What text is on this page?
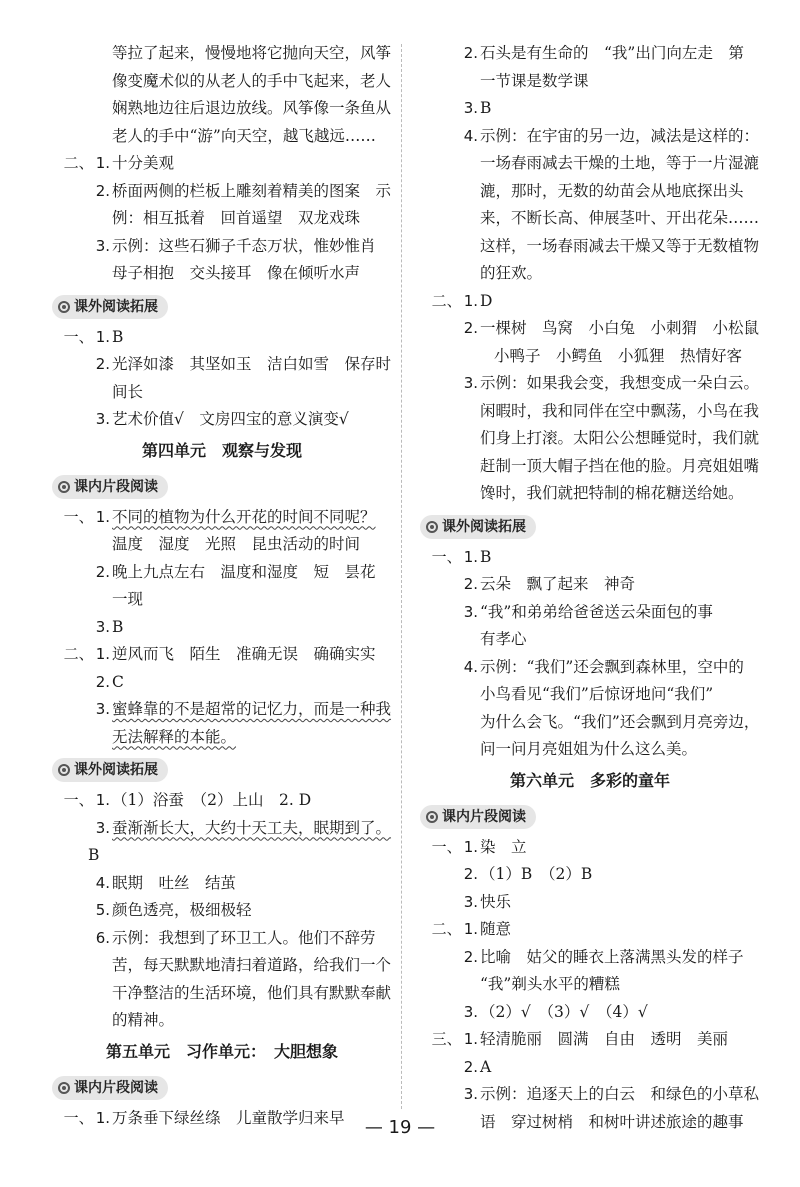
等拉了起来，慢慢地将它抛向天空，风筝
像变魔术似的从老人的手中飞起来，老人
娴熟地边往后退边放线。风筝像一条鱼从
老人的手中“游”向天空，越飞越远……
二、 1. 十分美观
2. 桥面两侧的栏板上雕刻着精美的图案　示
例：相互抵着　回首遥望　双龙戏珠
3. 示例：这些石狮子千态万状，惟妙惟肖
母子相抱　交头接耳　像在倾听水声
课外阅读拓展
一、 1. B
2. 光泽如漆　其坚如玉　洁白如雪　保存时
间长
3. 艺术价值√　文房四宝的意义演变√
第四单元　观察与发现
课内片段阅读
一、 1. 不同的植物为什么开花的时间不同呢？
温度　湿度　光照　昆虫活动的时间
2. 晚上九点左右　温度和湿度　短　昙花
一现
3. B
二、 1. 逆风而飞　陌生　准确无误　确确实实
2. C
3. 蜜蜂靠的不是超常的记忆力，而是一种我
无法解释的本能。
课外阅读拓展
一、 1. （1）浴蚕　（2）上山　 2. D
3. 蚕渐渐长大，大约十天工夫，眠期到了。
B
4. 眠期　吐丝　结茧
5. 颜色透亮，极细极轻
6. 示例：我想到了环卫工人。他们不辞劳
苦，每天默默地清扫着道路，给我们一个
干净整洁的生活环境，他们具有默默奉献
的精神。
第五单元　习作单元：　大胆想象
课内片段阅读
一、 1. 万条垂下绿丝绦　儿童散学归来早
2. 石头是有生命的　“我”出门向左走　第
一节课是数学课
3. B
4. 示例：在宇宙的另一边，减法是这样的：
一场春雨减去干燥的土地，等于一片湿漉
漉，那时，无数的幼苗会从地底探出头
来，不断长高、伸展茎叶、开出花朵……
这样，一场春雨减去干燥又等于无数植物
的狂欢。
二、 1. D
2. 一棵树　鸟窝　小白兔　小刺猬　小松鼠
小鸭子　小鳄鱼　小狐狸　热情好客
3. 示例：如果我会变，我想变成一朵白云。
闲暇时，我和同伴在空中飘荡，小鸟在我
们身上打滚。太阳公公想睡觉时，我们就
赶制一顶大帽子挡在他的脸。月亮姐姐嘴
馋时，我们就把特制的棉花糖送给她。
课外阅读拓展
一、 1. B
2. 云朵　飘了起来　神奇
3. “我”和弟弟给爸爸送云朵面包的事
有孝心
4. 示例：“我们”还会飘到森林里，空中的
小鸟看见“我们”后惊讶地问“我们”
为什么会飞。“我们”还会飘到月亮旁边，
问一问月亮姐姐为什么这么美。
第六单元　多彩的童年
课内片段阅读
一、 1. 染　立
2. （1）B　（2）B
3. 快乐
二、 1. 随意
2. 比喻　姑父的睡衣上落满黑头发的样子
“我”剃头水平的糟糕
3. （2）√　（3）√　（4）√
三、 1. 轻清脆丽　圆满　自由　透明　美丽
2. A
3. 示例：追逐天上的白云　和绿色的小草私
语　穿过树梢　和树叶讲述旅途的趣事
— 19 —
